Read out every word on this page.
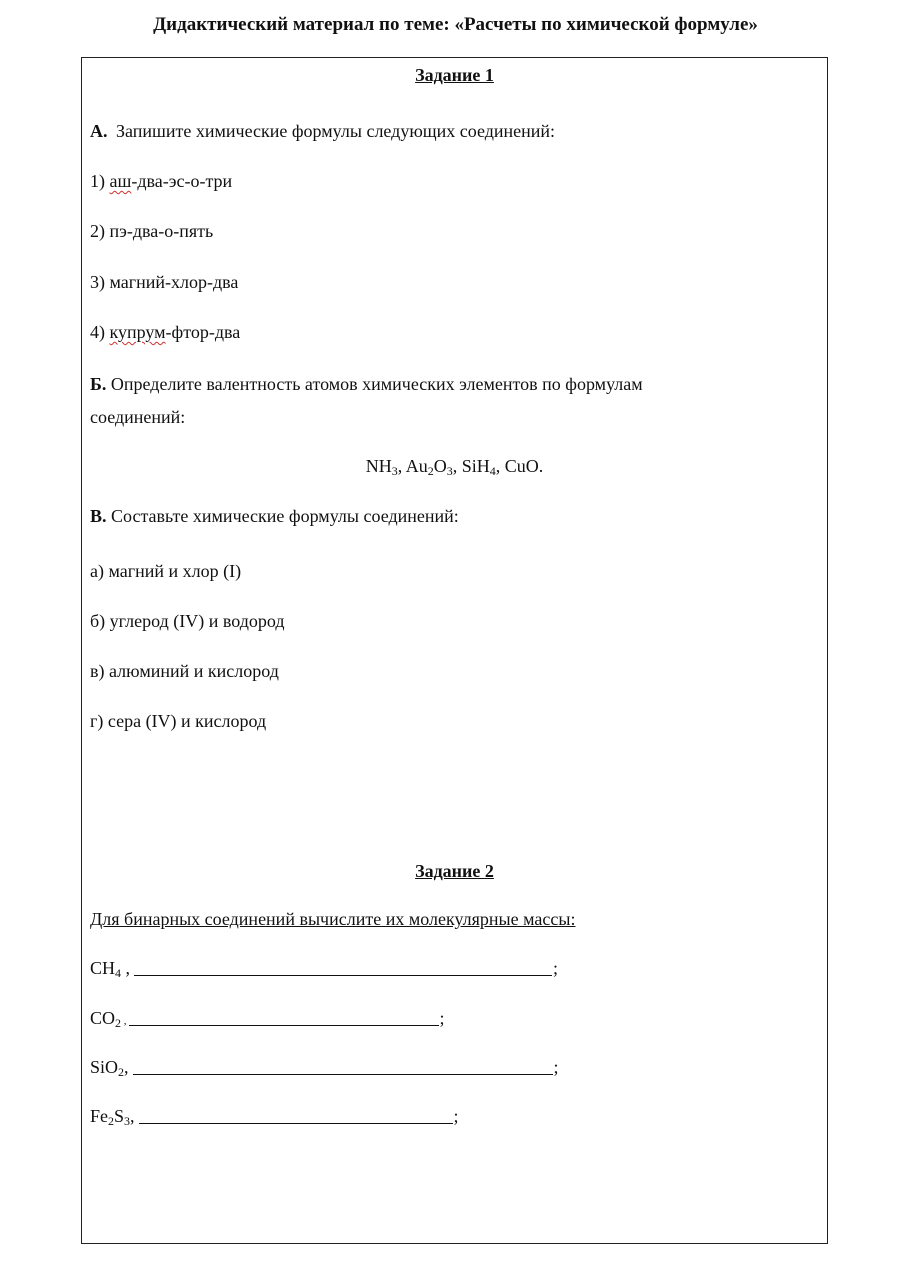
Дидактический материал по теме: «Расчеты по химической формуле»
Задание 1
А. Запишите химические формулы следующих соединений:
1) аш-два-эс-о-три
2) пэ-два-о-пять
3) магний-хлор-два
4) купрум-фтор-два
Б. Определите валентность атомов химических элементов по формулам
соединений:
$NH_3$, $Au_2O_3$, SiH$_4$, CuO.
В. Составьте химические формулы соединений:
а) магний и хлор (I)
б) углерод (IV) и водород
в) алюминий и кислород
г) сера (IV) и кислород
Задание 2
Для бинарных соединений вычислите их молекулярные массы:
$CH_4$ ,	;
$CO_2$ ,	;
SiO$_2$,	;
$Fe_2S_3$,	;
